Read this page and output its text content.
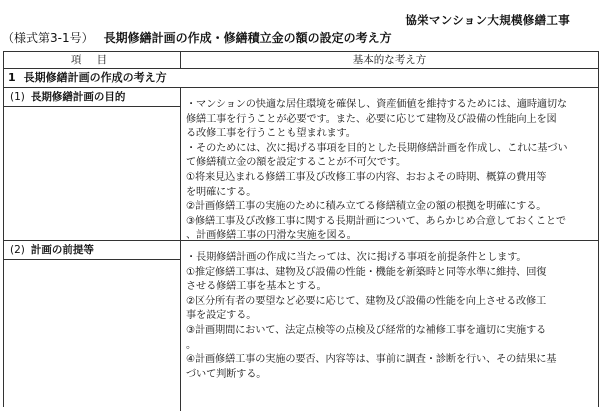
協栄マンション大規模修繕工事
（様式第3-1号） 長期修繕計画の作成・修繕積立金の額の設定の考え方
項 目	基本的な考え方
1 長期修繕計画の作成の考え方
(1) 長期修繕計画の目的
・マンションの快適な居住環境を確保し、資産価値を維持するためには、適時適切な
修繕工事を行うことが必要です。また、必要に応じて建物及び設備の性能向上を図
る改修工事を行うことも望まれます。
・そのためには、次に掲げる事項を目的とした長期修繕計画を作成し、これに基づい
て修繕積立金の額を設定することが不可欠です。
①将来見込まれる修繕工事及び改修工事の内容、おおよその時期、概算の費用等
を明確にする。
②計画修繕工事の実施のために積み立てる修繕積立金の額の根拠を明確にする。
③修繕工事及び改修工事に関する長期計画について、あらかじめ合意しておくことで
、計画修繕工事の円滑な実施を図る。
(2) 計画の前提等
・長期修繕計画の作成に当たっては、次に掲げる事項を前提条件とします。
①推定修繕工事は、建物及び設備の性能・機能を新築時と同等水準に維持、回復
させる修繕工事を基本とする。
②区分所有者の要望など必要に応じて、建物及び設備の性能を向上させる改修工
事を設定する。
③計画期間において、法定点検等の点検及び経常的な補修工事を適切に実施する
。
④計画修繕工事の実施の要否、内容等は、事前に調査・診断を行い、その結果に基
づいて判断する。
